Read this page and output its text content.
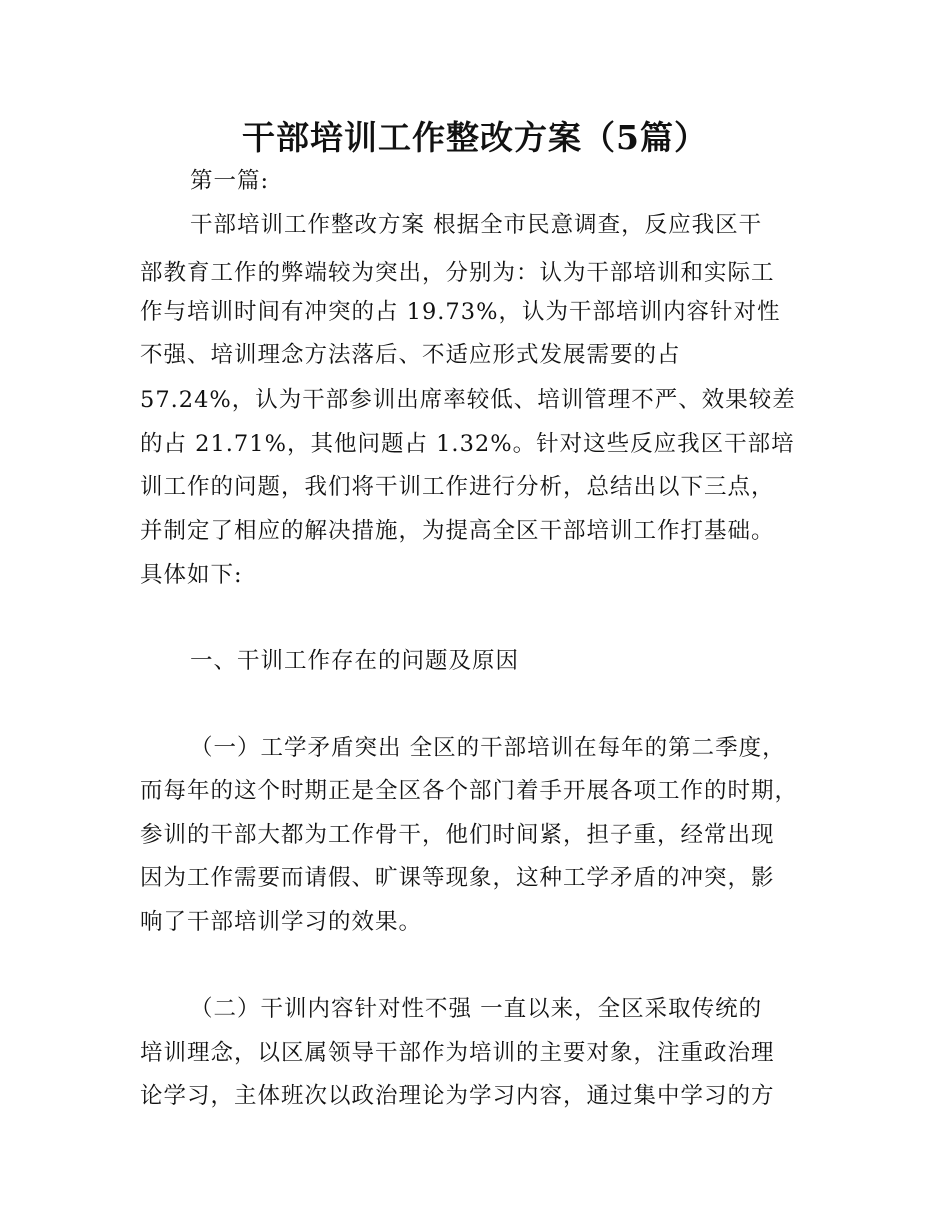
干部培训工作整改方案（5篇）
第一篇:
干部培训工作整改方案 根据全市民意调查，反应我区干
部教育工作的弊端较为突出，分别为：认为干部培训和实际工
作与培训时间有冲突的占 19.73%，认为干部培训内容针对性
不强、培训理念方法落后、不适应形式发展需要的占
57.24%，认为干部参训出席率较低、培训管理不严、效果较差
的占 21.71%，其他问题占 1.32%。针对这些反应我区干部培
训工作的问题，我们将干训工作进行分析，总结出以下三点，
并制定了相应的解决措施，为提高全区干部培训工作打基础。
具体如下:
一、干训工作存在的问题及原因
（一）工学矛盾突出 全区的干部培训在每年的第二季度，
而每年的这个时期正是全区各个部门着手开展各项工作的时期，
参训的干部大都为工作骨干，他们时间紧，担子重，经常出现
因为工作需要而请假、旷课等现象，这种工学矛盾的冲突，影
响了干部培训学习的效果。
（二）干训内容针对性不强 一直以来，全区采取传统的
培训理念，以区属领导干部作为培训的主要对象，注重政治理
论学习，主体班次以政治理论为学习内容，通过集中学习的方
